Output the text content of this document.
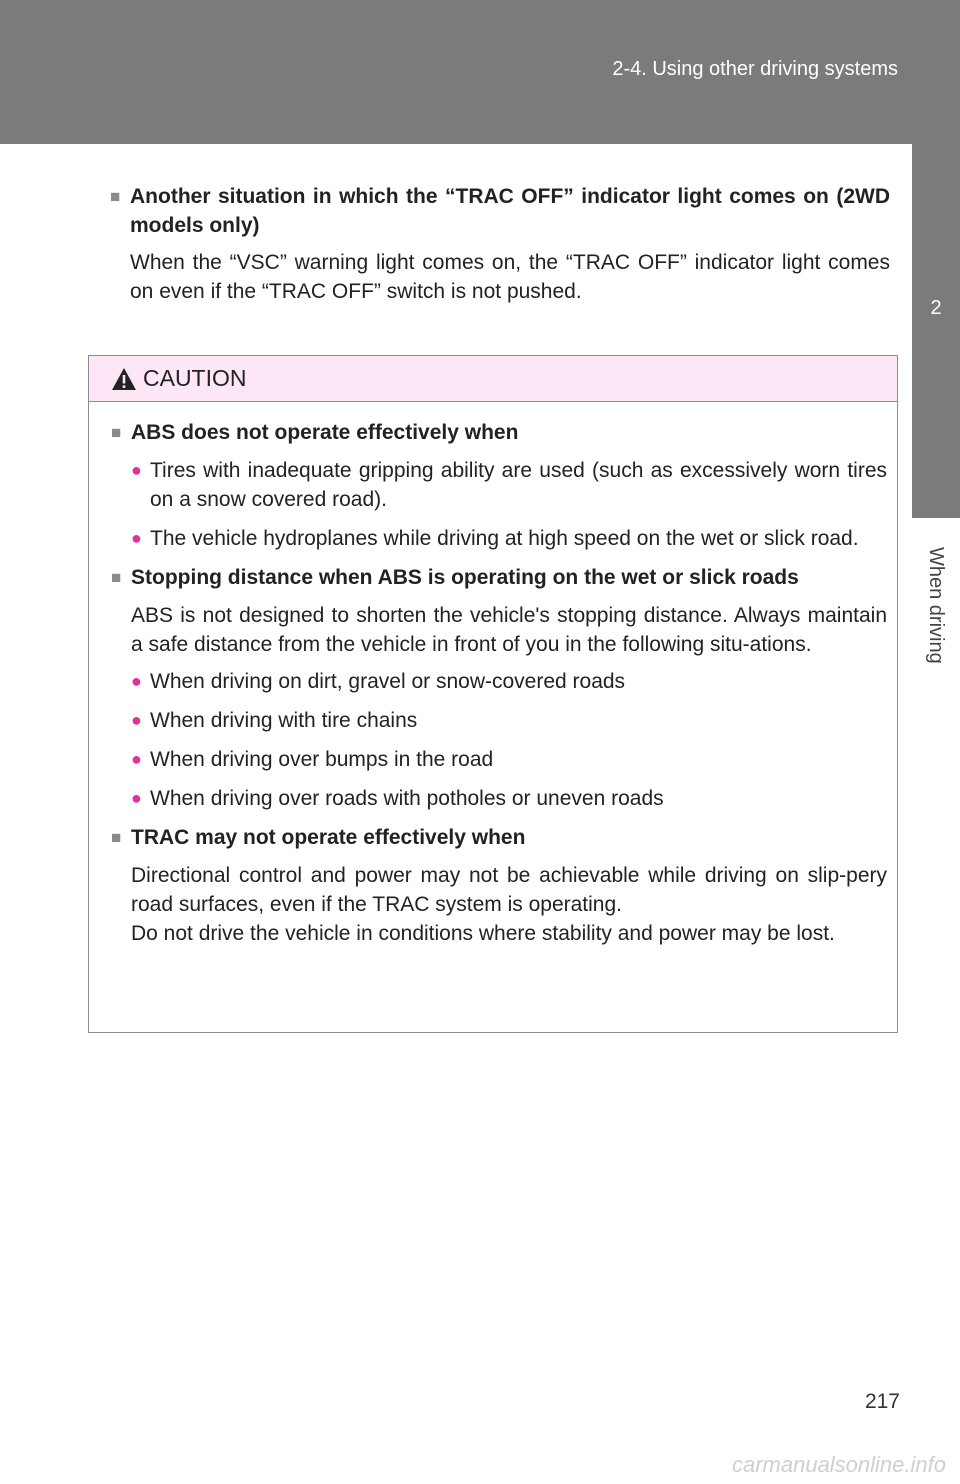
2-4. Using other driving systems
2
When driving
■ Another situation in which the “TRAC OFF” indicator light comes on (2WD models only)
When the “VSC” warning light comes on, the “TRAC OFF” indicator light comes on even if the “TRAC OFF” switch is not pushed.
CAUTION
■ ABS does not operate effectively when
● Tires with inadequate gripping ability are used (such as excessively worn tires on a snow covered road).
● The vehicle hydroplanes while driving at high speed on the wet or slick road.
■ Stopping distance when ABS is operating on the wet or slick roads
ABS is not designed to shorten the vehicle's stopping distance. Always maintain a safe distance from the vehicle in front of you in the following situ-ations.
● When driving on dirt, gravel or snow-covered roads
● When driving with tire chains
● When driving over bumps in the road
● When driving over roads with potholes or uneven roads
■ TRAC may not operate effectively when
Directional control and power may not be achievable while driving on slip-pery road surfaces, even if the TRAC system is operating.
Do not drive the vehicle in conditions where stability and power may be lost.
217
carmanualsonline.info
